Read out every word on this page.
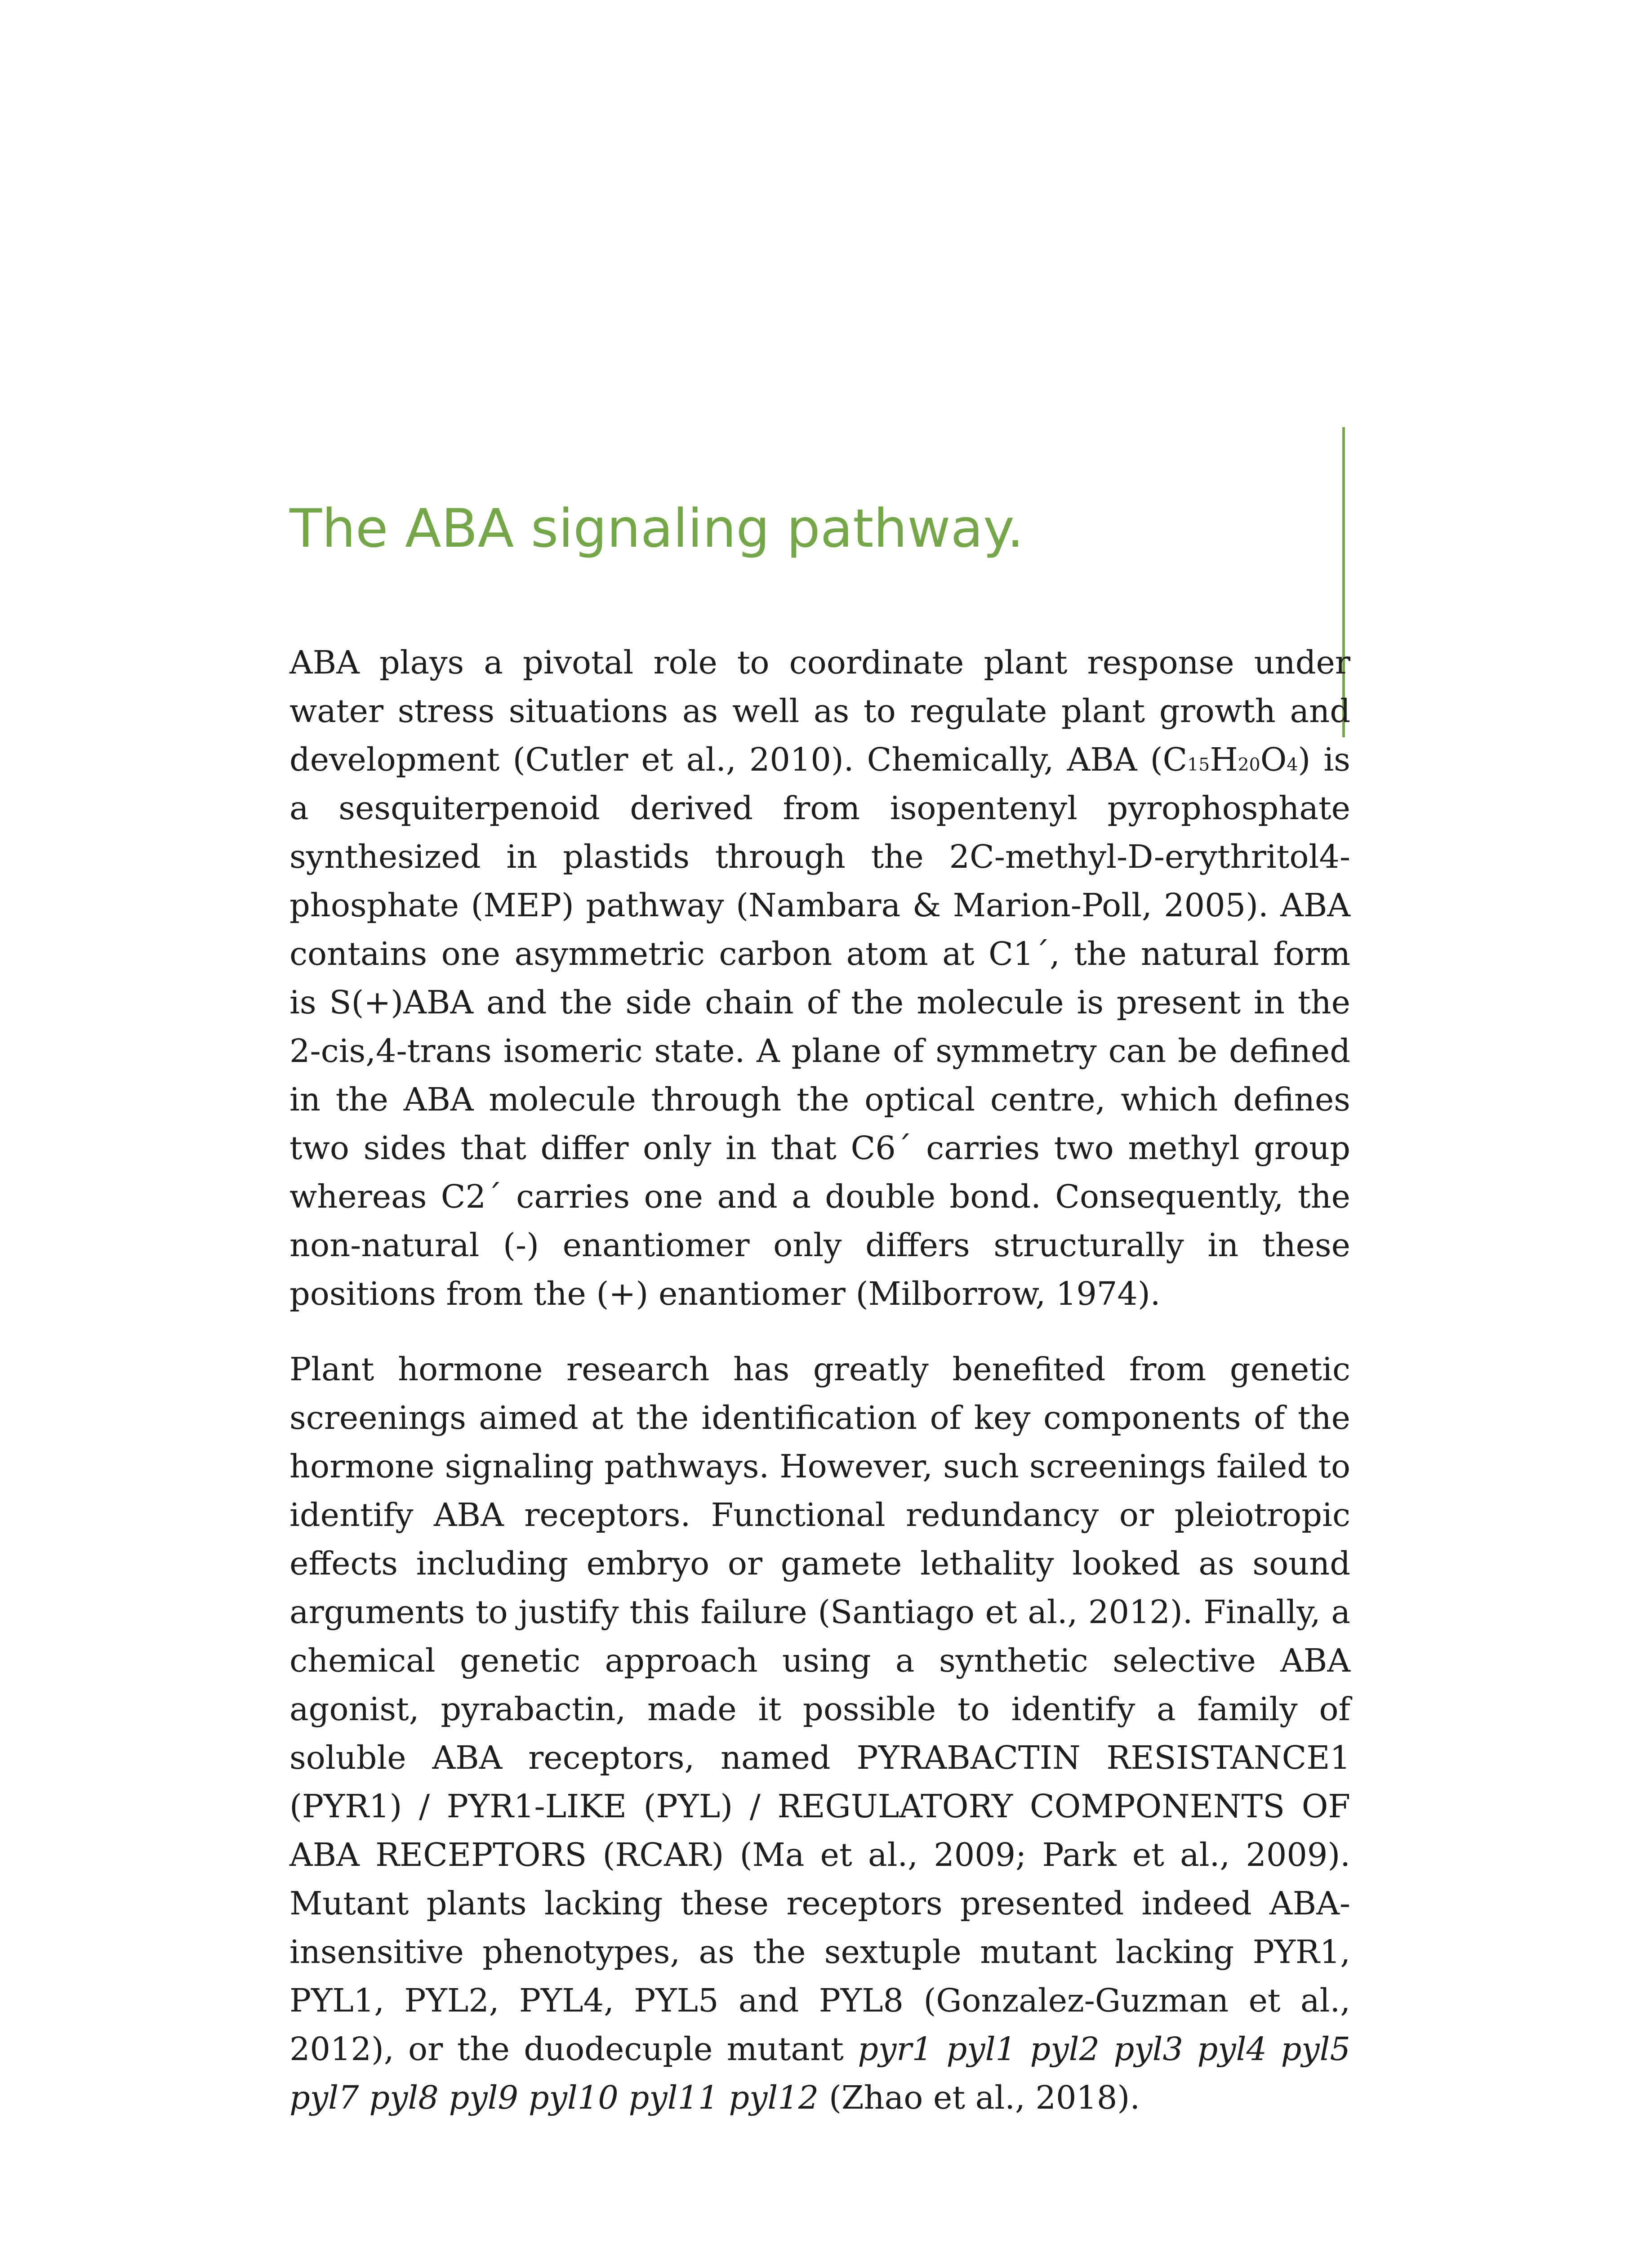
The ABA signaling pathway.

ABA plays a pivotal role to coordinate plant response under water stress situations as well as to regulate plant growth and development (Cutler et al., 2010). Chemically, ABA (C15H20O4) is a sesquiterpenoid derived from isopentenyl pyrophosphate synthesized in plastids through the 2C-methyl-D-erythritol4-phosphate (MEP) pathway (Nambara & Marion-Poll, 2005). ABA contains one asymmetric carbon atom at C1´, the natural form is S(+)ABA and the side chain of the molecule is present in the 2-cis,4-trans isomeric state. A plane of symmetry can be defined in the ABA molecule through the optical centre, which defines two sides that differ only in that C6´ carries two methyl group whereas C2´ carries one and a double bond. Consequently, the non-natural (-) enantiomer only differs structurally in these positions from the (+) enantiomer (Milborrow, 1974).

Plant hormone research has greatly benefited from genetic screenings aimed at the identification of key components of the hormone signaling pathways. However, such screenings failed to identify ABA receptors. Functional redundancy or pleiotropic effects including embryo or gamete lethality looked as sound arguments to justify this failure (Santiago et al., 2012). Finally, a chemical genetic approach using a synthetic selective ABA agonist, pyrabactin, made it possible to identify a family of soluble ABA receptors, named PYRABACTIN RESISTANCE1 (PYR1) / PYR1-LIKE (PYL) / REGULATORY COMPONENTS OF ABA RECEPTORS (RCAR) (Ma et al., 2009; Park et al., 2009). Mutant plants lacking these receptors presented indeed ABA-insensitive phenotypes, as the sextuple mutant lacking PYR1, PYL1, PYL2, PYL4, PYL5 and PYL8 (Gonzalez-Guzman et al., 2012), or the duodecuple mutant pyr1 pyl1 pyl2 pyl3 pyl4 pyl5 pyl7 pyl8 pyl9 pyl10 pyl11 pyl12 (Zhao et al., 2018).
